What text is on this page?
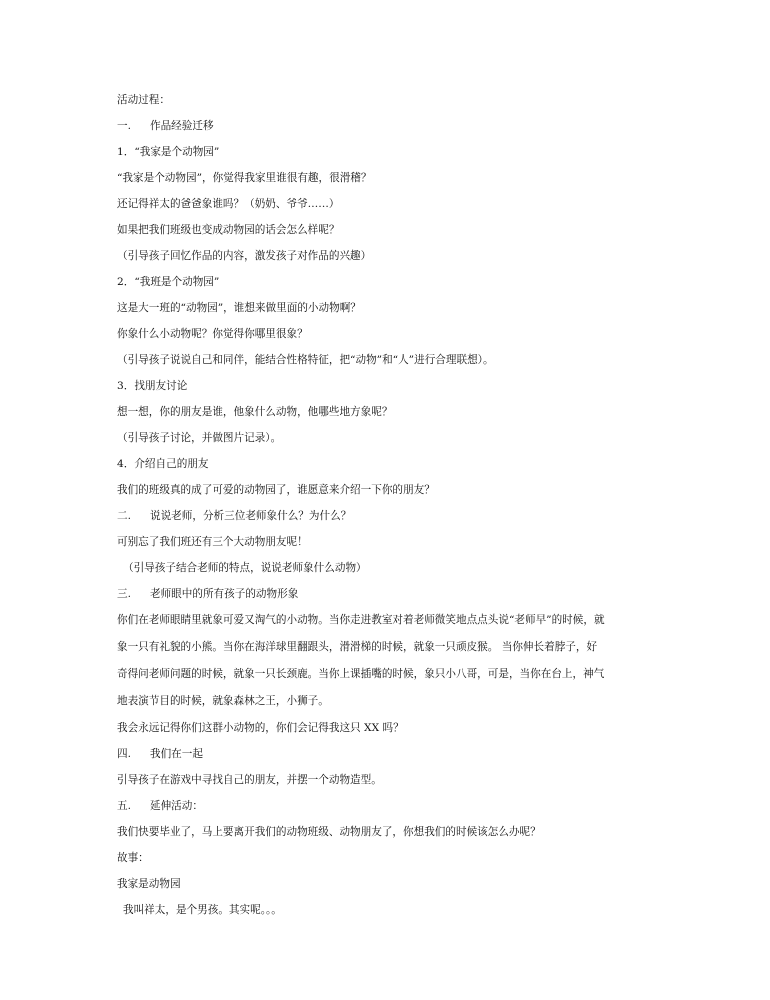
活动过程：
一. 作品经验迁移
1．“我家是个动物园”
“我家是个动物园”，你觉得我家里谁很有趣，很滑稽？
还记得祥太的爸爸象谁吗？（奶奶、爷爷……）
如果把我们班级也变成动物园的话会怎么样呢？
（引导孩子回忆作品的内容，激发孩子对作品的兴趣）
2．“我班是个动物园”
这是大一班的“动物园”，谁想来做里面的小动物啊？
你象什么小动物呢？你觉得你哪里很象？
（引导孩子说说自己和同伴，能结合性格特征，把“动物”和“人”进行合理联想）。
3．找朋友讨论
想一想，你的朋友是谁，他象什么动物，他哪些地方象呢？
（引导孩子讨论，并做图片记录）。
4．介绍自己的朋友
我们的班级真的成了可爱的动物园了，谁愿意来介绍一下你的朋友？
二. 说说老师，分析三位老师象什么？为什么？
可别忘了我们班还有三个大动物朋友呢！
（引导孩子结合老师的特点，说说老师象什么动物）
三. 老师眼中的所有孩子的动物形象
你们在老师眼睛里就象可爱又淘气的小动物。当你走进教室对着老师微笑地点点头说“老师早”的时候，就
象一只有礼貌的小熊。当你在海洋球里翻跟头，滑滑梯的时候，就象一只顽皮猴。 当你伸长着脖子，好
奇得问老师问题的时候，就象一只长颈鹿。当你上课插嘴的时候，象只小八哥，可是，当你在台上，神气
地表演节目的时候，就象森林之王，小狮子。
我会永远记得你们这群小动物的，你们会记得我这只 XX 吗？
四. 我们在一起
引导孩子在游戏中寻找自己的朋友，并摆一个动物造型。
五. 延伸活动：
我们快要毕业了，马上要离开我们的动物班级、动物朋友了，你想我们的时候该怎么办呢？
故事：
我家是动物园
我叫祥太，是个男孩。其实呢。。。
